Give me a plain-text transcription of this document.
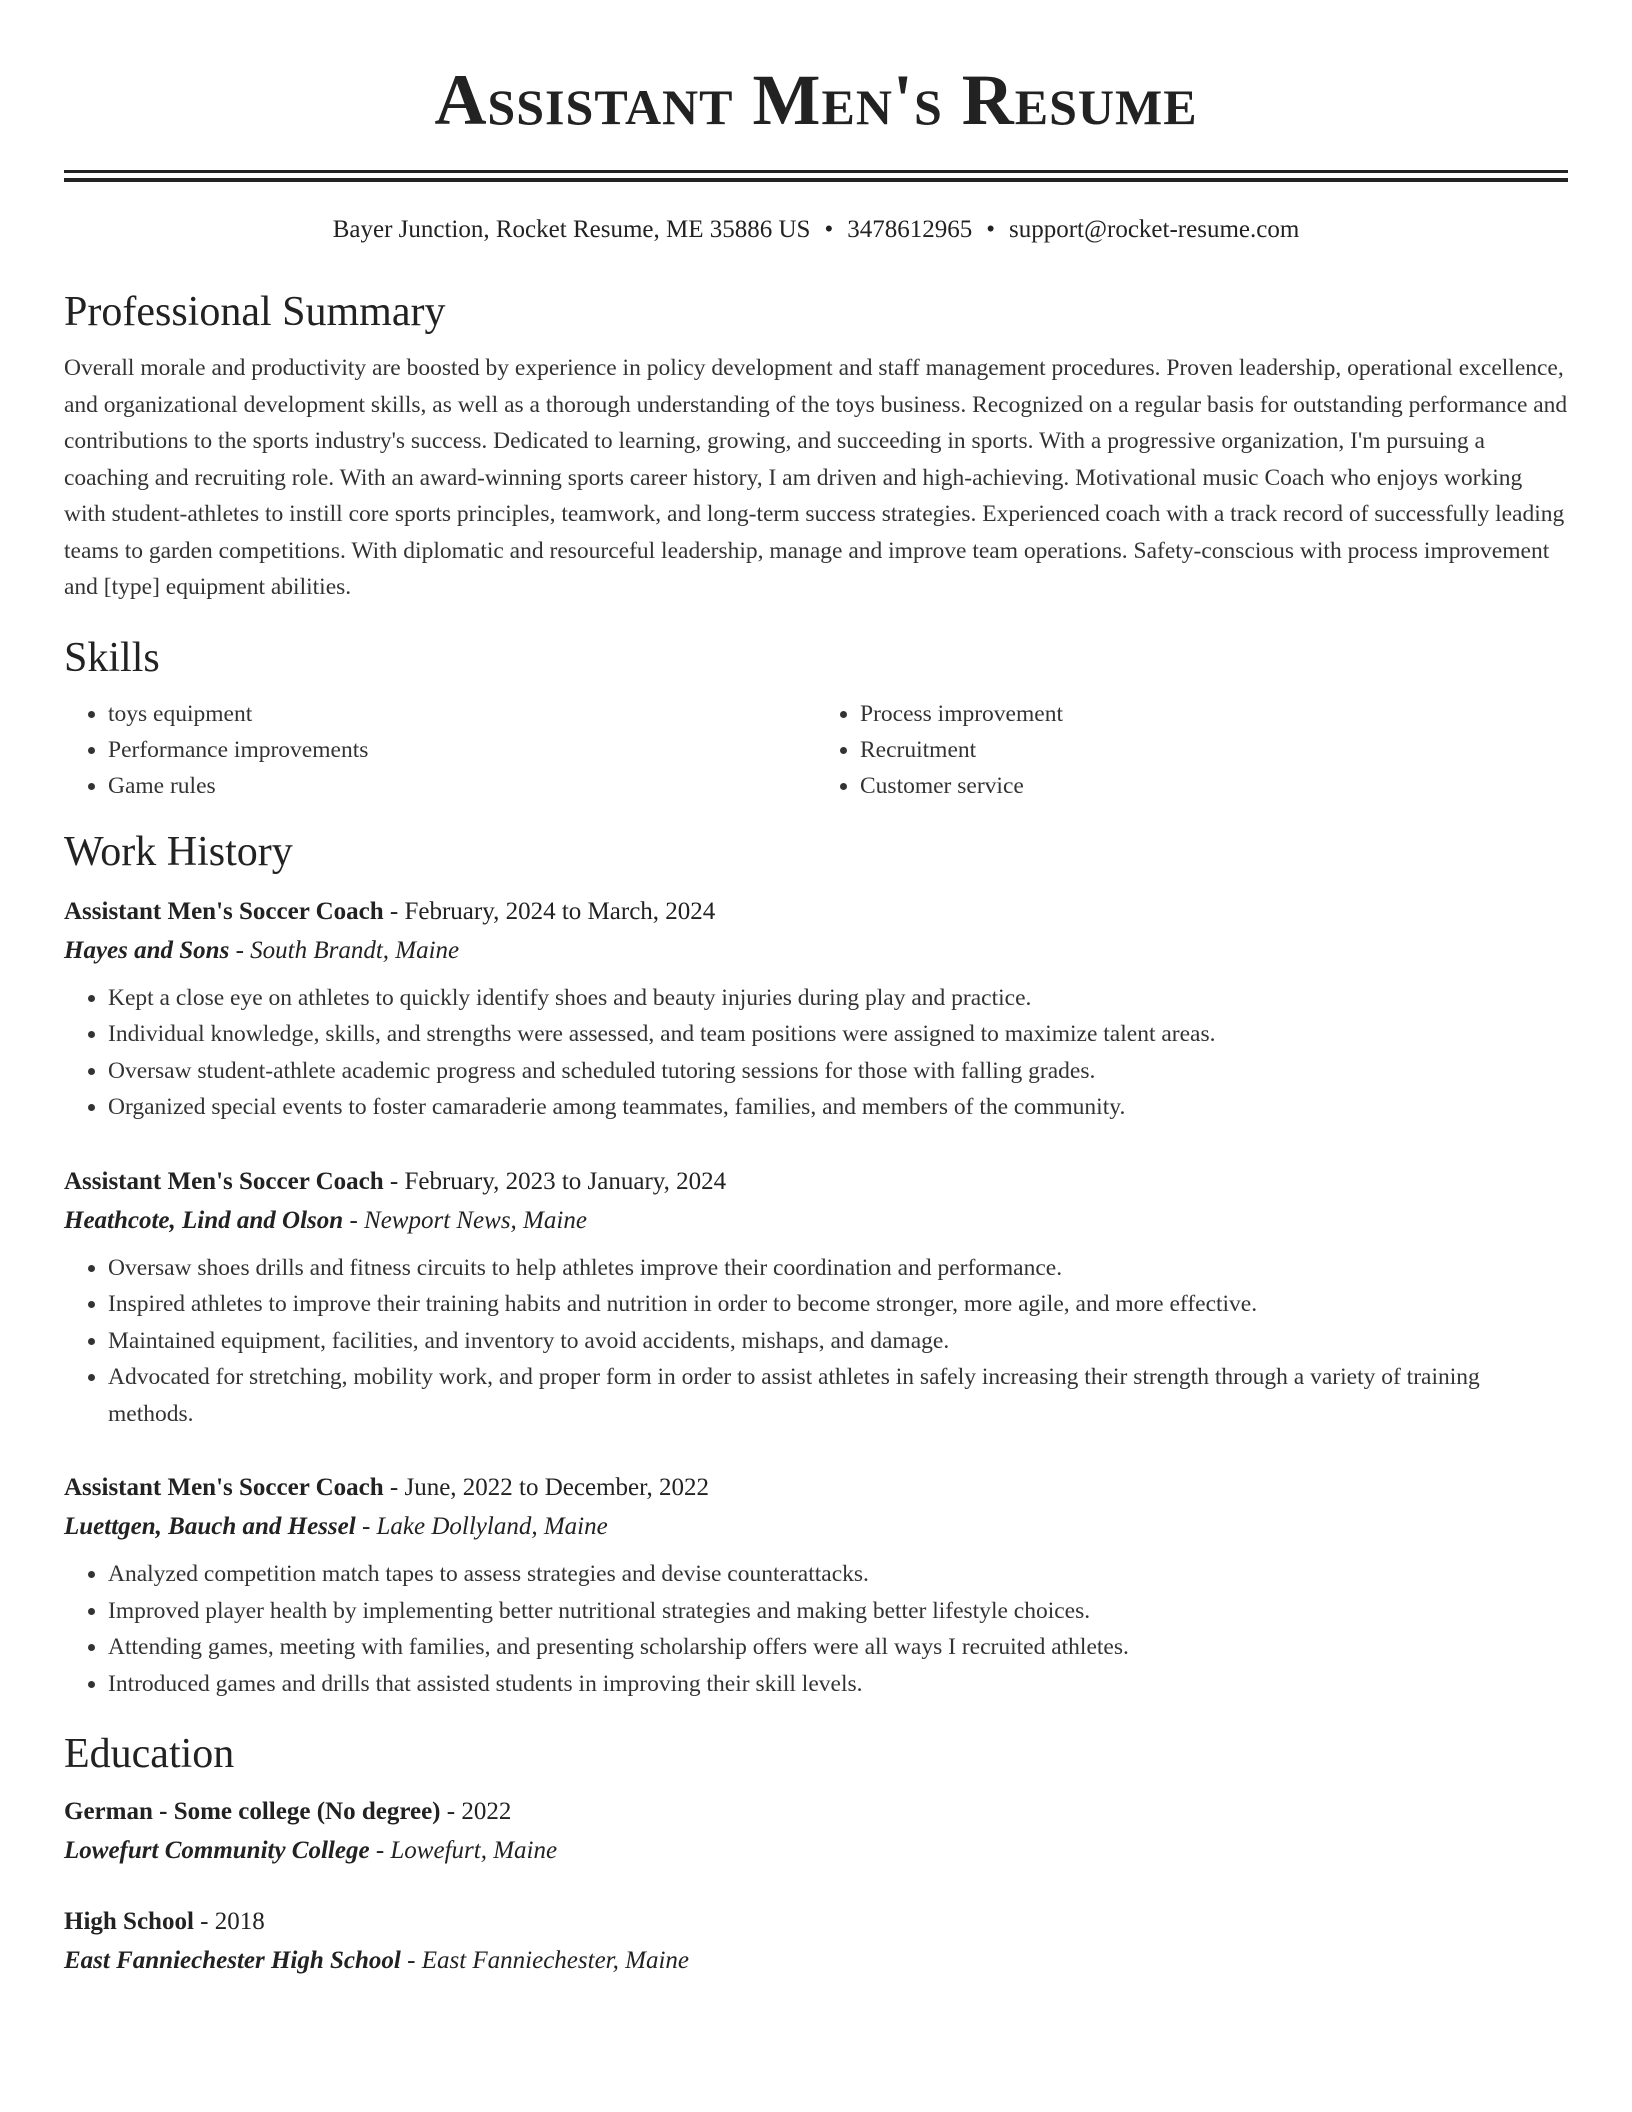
Assistant Men's Resume
Bayer Junction, Rocket Resume, ME 35886 US • 3478612965 • support@rocket-resume.com
Professional Summary

Overall morale and productivity are boosted by experience in policy development and staff management procedures. Proven leadership, operational excellence, and organizational development skills, as well as a thorough understanding of the toys business. Recognized on a regular basis for outstanding performance and contributions to the sports industry's success. Dedicated to learning, growing, and succeeding in sports. With a progressive organization, I'm pursuing a coaching and recruiting role. With an award-winning sports career history, I am driven and high-achieving. Motivational music Coach who enjoys working with student-athletes to instill core sports principles, teamwork, and long-term success strategies. Experienced coach with a track record of successfully leading teams to garden competitions. With diplomatic and resourceful leadership, manage and improve team operations. Safety-conscious with process improvement and [type] equipment abilities.

Skills
• toys equipment
• Performance improvements
• Game rules
• Process improvement
• Recruitment
• Customer service
Work History
Assistant Men's Soccer Coach - February, 2024 to March, 2024
Hayes and Sons - South Brandt, Maine
• Kept a close eye on athletes to quickly identify shoes and beauty injuries during play and practice.
• Individual knowledge, skills, and strengths were assessed, and team positions were assigned to maximize talent areas.
• Oversaw student-athlete academic progress and scheduled tutoring sessions for those with falling grades.
• Organized special events to foster camaraderie among teammates, families, and members of the community.
Assistant Men's Soccer Coach - February, 2023 to January, 2024
Heathcote, Lind and Olson - Newport News, Maine
• Oversaw shoes drills and fitness circuits to help athletes improve their coordination and performance.
• Inspired athletes to improve their training habits and nutrition in order to become stronger, more agile, and more effective.
• Maintained equipment, facilities, and inventory to avoid accidents, mishaps, and damage.
• Advocated for stretching, mobility work, and proper form in order to assist athletes in safely increasing their strength through a variety of training methods.
Assistant Men's Soccer Coach - June, 2022 to December, 2022
Luettgen, Bauch and Hessel - Lake Dollyland, Maine
• Analyzed competition match tapes to assess strategies and devise counterattacks.
• Improved player health by implementing better nutritional strategies and making better lifestyle choices.
• Attending games, meeting with families, and presenting scholarship offers were all ways I recruited athletes.
• Introduced games and drills that assisted students in improving their skill levels.
Education
German - Some college (No degree) - 2022
Lowefurt Community College - Lowefurt, Maine
High School - 2018
East Fanniechester High School - East Fanniechester, Maine
